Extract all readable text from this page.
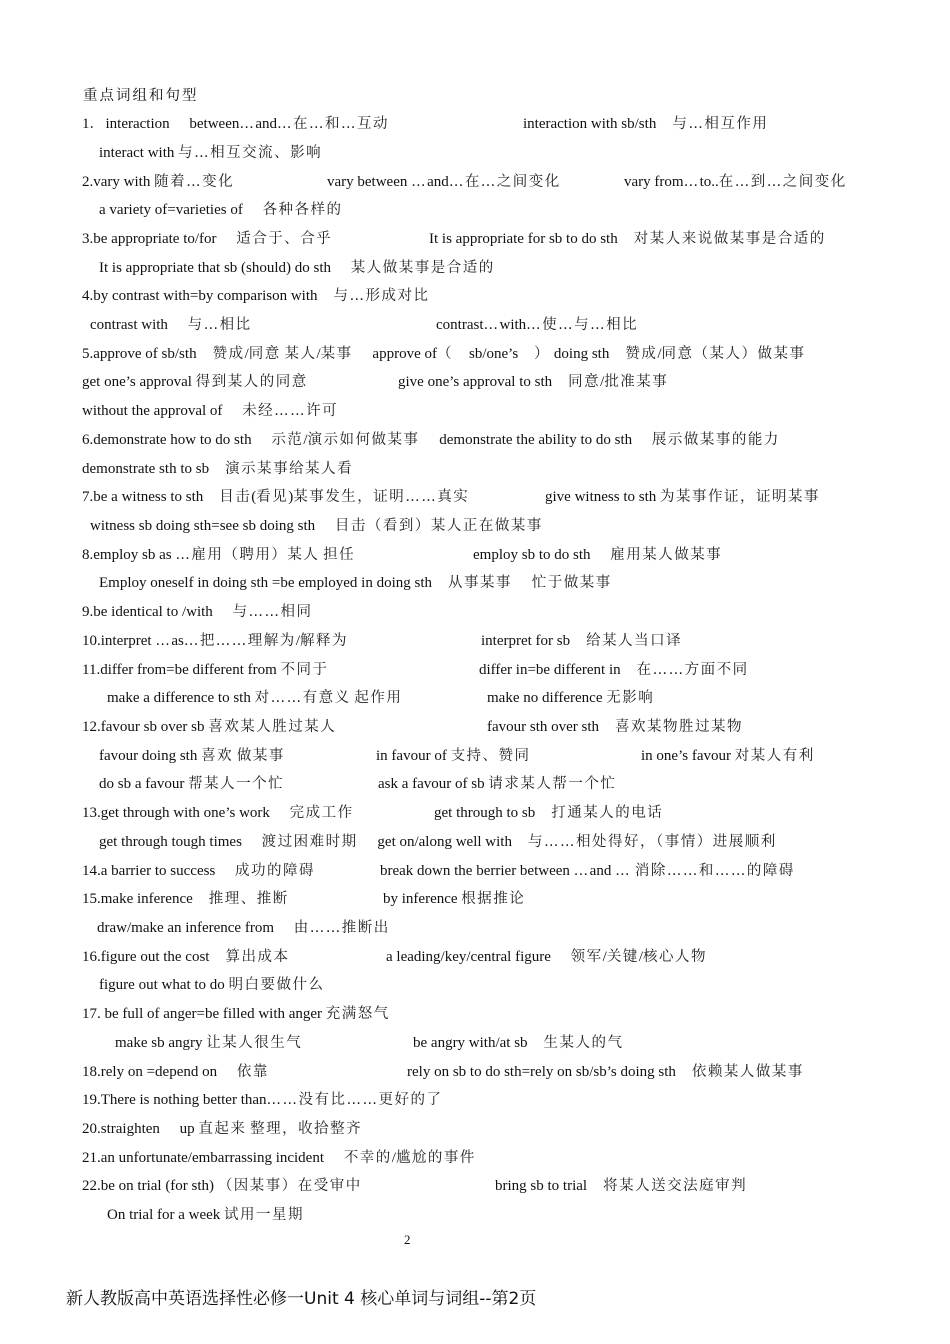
重点词组和句型
1．interaction　 between…and…在…和…互动	interaction with sb/sth　与…相互作用
interact with 与…相互交流、影响
2.vary with 随着…变化	vary between …and…在…之间变化	vary from…to..在…到…之间变化
a variety of=varieties of　 各种各样的
3.be appropriate to/for　 适合于、合乎	It is appropriate for sb to do sth　对某人来说做某事是合适的
It is appropriate that sb (should) do sth　 某人做某事是合适的
4.by contrast with=by comparison with　与…形成对比
contrast with　 与…相比	contrast…with…使…与…相比
5.approve of sb/sth　赞成/同意 某人/某事　 approve of（　sb/one’s　） doing sth　赞成/同意（某人）做某事
get one’s approval 得到某人的同意	give one’s approval to sth　同意/批准某事
without the approval of　 未经……许可
6.demonstrate how to do sth　 示范/演示如何做某事　 demonstrate the ability to do sth　 展示做某事的能力
demonstrate sth to sb　演示某事给某人看
7.be a witness to sth　目击(看见)某事发生，证明……真实	give witness to sth 为某事作证，证明某事
witness sb doing sth=see sb doing sth　 目击（看到）某人正在做某事
8.employ sb as …雇用（聘用）某人 担任	employ sb to do sth　 雇用某人做某事
Employ oneself in doing sth =be employed in doing sth　从事某事　 忙于做某事
9.be identical to /with　 与……相同
10.interpret …as…把……理解为/解释为	interpret for sb　给某人当口译
11.differ from=be different from 不同于	differ in=be different in　在……方面不同
make a difference to sth 对……有意义 起作用	make no difference 无影响
12.favour sb over sb 喜欢某人胜过某人	favour sth over sth　喜欢某物胜过某物
favour doing sth 喜欢 做某事	in favour of 支持、赞同	in one’s favour 对某人有利
do sb a favour 帮某人一个忙	ask a favour of sb 请求某人帮一个忙
13.get through with one’s work　 完成工作	get through to sb　打通某人的电话
get through tough times　 渡过困难时期　 get on/along well with　与……相处得好，（事情）进展顺利
14.a barrier to success　 成功的障碍	break down the berrier between …and … 消除……和……的障碍
15.make inference　推理、推断	by inference 根据推论
draw/make an inference from　 由……推断出
16.figure out the cost　算出成本	a leading/key/central figure　 领军/关键/核心人物
figure out what to do 明白要做什么
17. be full of anger=be filled with anger 充满怒气
make sb angry 让某人很生气	be angry with/at sb　生某人的气
18.rely on =depend on　 依靠	rely on sb to do sth=rely on sb/sb’s doing sth　依赖某人做某事
19.There is nothing better than……没有比……更好的了
20.straighten　 up 直起来 整理，收拾整齐
21.an unfortunate/embarrassing incident　 不幸的/尴尬的事件
22.be on trial (for sth) （因某事）在受审中	bring sb to trial　将某人送交法庭审判
On trial for a week 试用一星期
2
新人教版高中英语选择性必修一Unit 4 核心单词与词组--第2页
